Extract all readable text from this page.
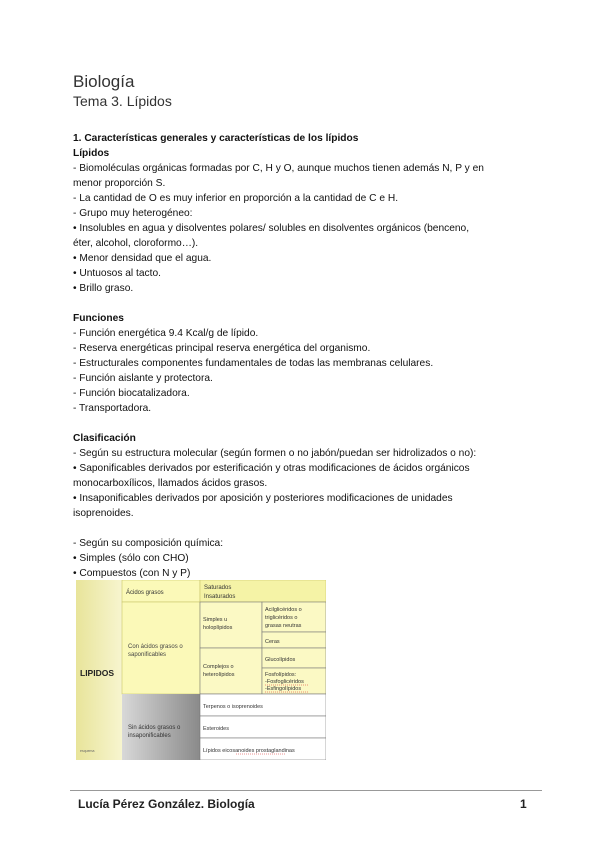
Biología
Tema 3. Lípidos
1. Características generales y características de los lípidos
Lípidos
- Biomoléculas orgánicas formadas por C, H y O, aunque muchos tienen además N, P y en
menor proporción S.
- La cantidad de O es muy inferior en proporción a la cantidad de C e H.
- Grupo muy heterogéneo:
• Insolubles en agua y disolventes polares/ solubles en disolventes orgánicos (benceno,
éter, alcohol, cloroformo…).
• Menor densidad que el agua.
• Untuosos al tacto.
• Brillo graso.
Funciones
- Función energética 9.4 Kcal/g de lípido.
- Reserva energéticas principal reserva energética del organismo.
- Estructurales componentes fundamentales de todas las membranas celulares.
- Función aislante y protectora.
- Función biocatalizadora.
- Transportadora.
Clasificación
- Según su estructura molecular (según formen o no jabón/puedan ser hidrolizados o no):
• Saponificables derivados por esterificación y otras modificaciones de ácidos orgánicos
monocarboxílicos, llamados ácidos grasos.
• Insaponificables derivados por aposición y posteriores modificaciones de unidades
isoprenoides.
- Según su composición química:
• Simples (sólo con CHO)
• Compuestos (con N y P)
LIPIDOS
esquema
Ácidos grasos
Con ácidos grasos o
saponificables
Saturados
Insaturados
Simples u
holoplípidos
Acilglicéridos o
triglicéridos o
grasas neutras
Ceras
Complejos o
heterolípidos
Glucolípidos
Fosfolípidos:
-Fosfoglicéridos
-Esfingolípidos
Sin ácidos grasos o
insaponificables
Terpenos o isoprenoides
Esteroides
Lípidos eicosanoides prostaglandinas
Lucía Pérez González. Biología	1
